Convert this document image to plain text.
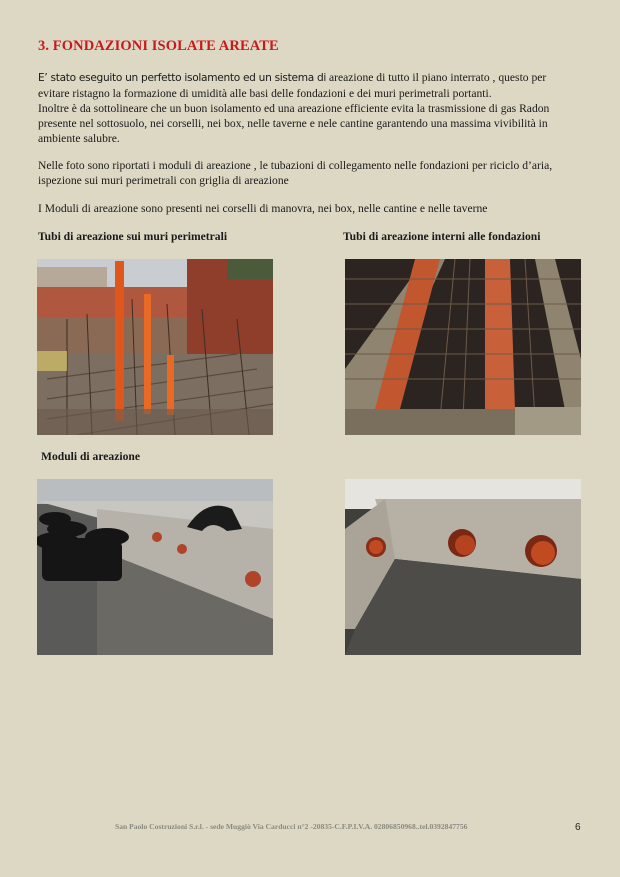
3. FONDAZIONI ISOLATE AREATE

E’ stato eseguito un perfetto isolamento ed un sistema di areazione di tutto il piano interrato , questo per evitare ristagno la formazione di umidità alle basi delle fondazioni e dei muri perimetrali portanti.
Inoltre è da sottolineare che un buon isolamento ed una areazione efficiente evita la trasmissione di gas Radon presente nel sottosuolo, nei corselli, nei box, nelle taverne e nele cantine garantendo una massima vivibilità in ambiente salubre.

Nelle foto sono riportati i moduli di areazione , le tubazioni di collegamento nelle fondazioni per riciclo d’aria, ispezione sui muri perimetrali con griglia di areazione

I Moduli di areazione sono presenti nei corselli di manovra, nei box, nelle cantine e nelle taverne

Tubi di areazione sui muri perimetrali	Tubi di areazione interni alle fondazioni
Moduli di areazione
San Paolo Costruzioni S.r.l. - sede Muggiò Via Carducci n°2 -20835-C.F.P.I.V.A. 02806850968..tel.0392847756	6
